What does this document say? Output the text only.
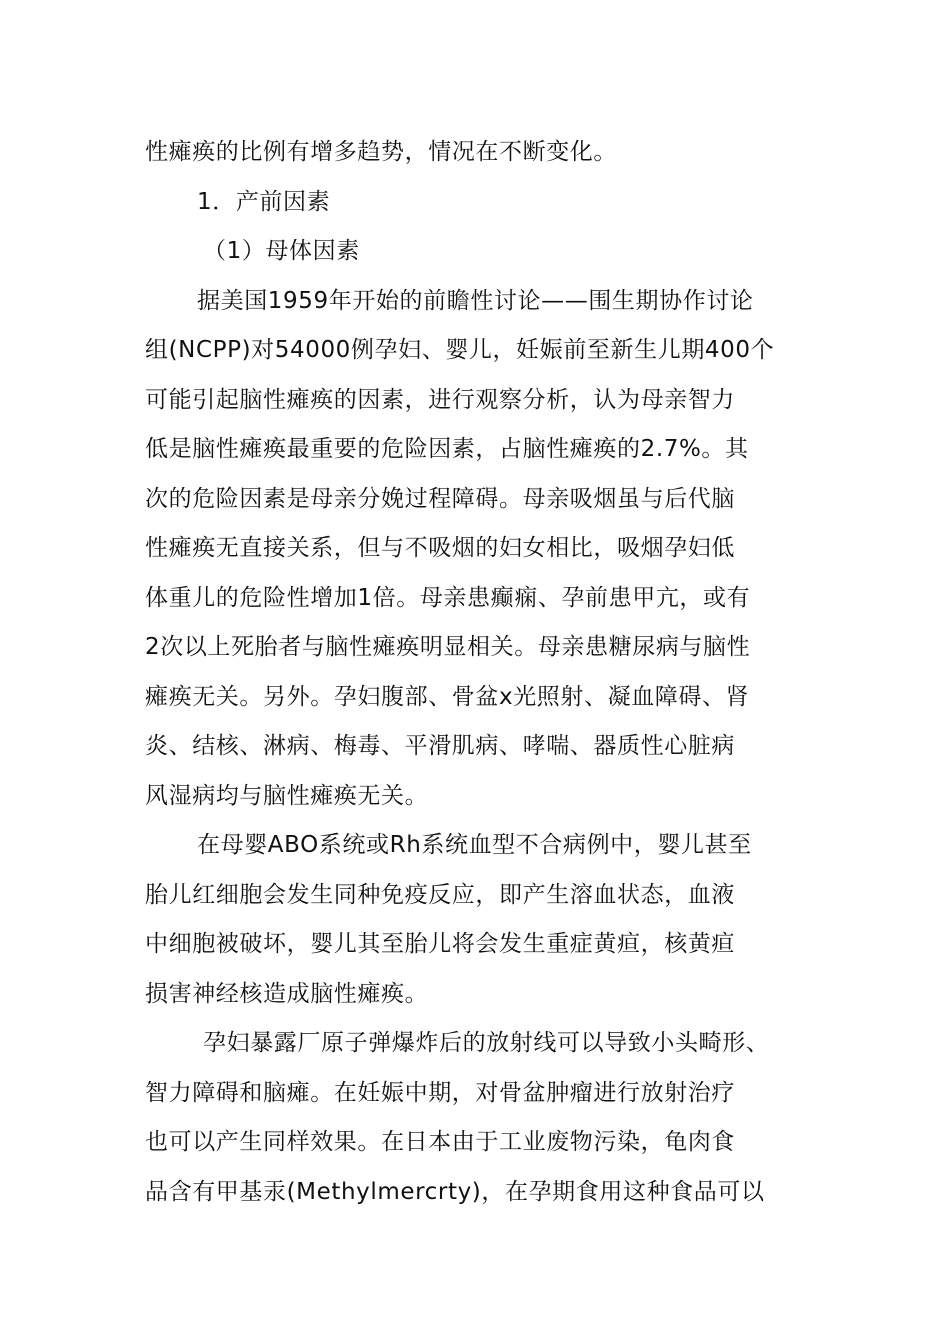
性瘫痪的比例有增多趋势，情况在不断变化。
1．产前因素
（1）母体因素
据美国1959年开始的前瞻性讨论——围生期协作讨论
组(NCPP)对54000例孕妇、婴儿，妊娠前至新生儿期400个
可能引起脑性瘫痪的因素，进行观察分析，认为母亲智力
低是脑性瘫痪最重要的危险因素，占脑性瘫痪的2.7%。其
次的危险因素是母亲分娩过程障碍。母亲吸烟虽与后代脑
性瘫痪无直接关系，但与不吸烟的妇女相比，吸烟孕妇低
体重儿的危险性增加1倍。母亲患癫痫、孕前患甲亢，或有
2次以上死胎者与脑性瘫痪明显相关。母亲患糖尿病与脑性
瘫痪无关。另外。孕妇腹部、骨盆x光照射、凝血障碍、肾
炎、结核、淋病、梅毒、平滑肌病、哮喘、器质性心脏病
风湿病均与脑性瘫痪无关。
在母婴ABO系统或Rh系统血型不合病例中，婴儿甚至
胎儿红细胞会发生同种免疫反应，即产生溶血状态，血液
中细胞被破坏，婴儿其至胎儿将会发生重症黄疸，核黄疸
损害神经核造成脑性瘫痪。
孕妇暴露厂原子弹爆炸后的放射线可以导致小头畸形、
智力障碍和脑瘫。在妊娠中期，对骨盆肿瘤进行放射治疗
也可以产生同样效果。在日本由于工业废物污染，龟肉食
品含有甲基汞(Methylmercrty)，在孕期食用这种食品可以
